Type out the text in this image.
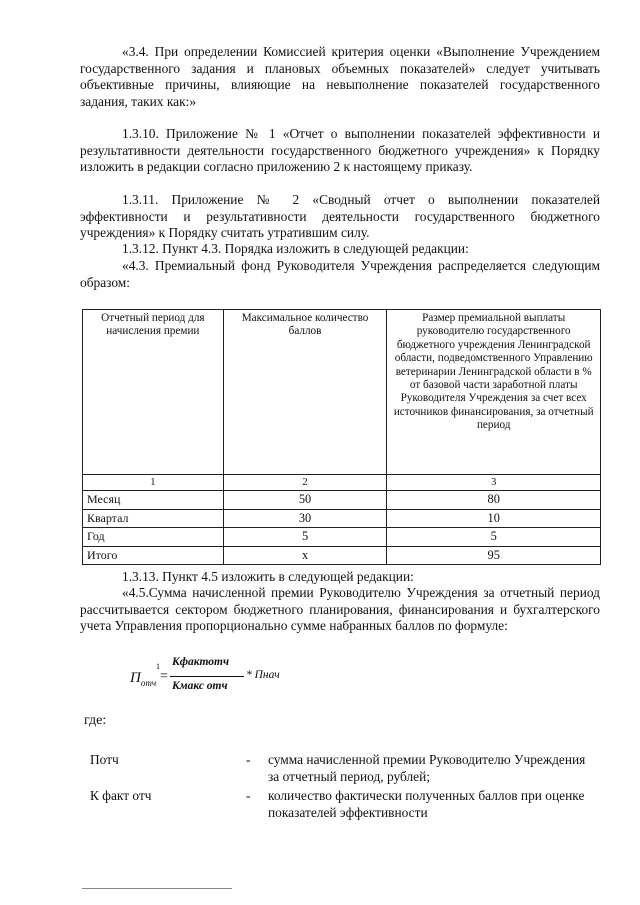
«3.4. При определении Комиссией критерия оценки «Выполнение Учреждением государственного задания и плановых объемных показателей» следует учитывать объективные причины, влияющие на невыполнение показателей государственного задания, таких как:»

1.3.10. Приложение № 1 «Отчет о выполнении показателей эффективности и результативности деятельности государственного бюджетного учреждения» к Порядку изложить в редакции согласно приложению 2 к настоящему приказу.

1.3.11. Приложение № 2 «Сводный отчет о выполнении показателей эффективности и результативности деятельности государственного бюджетного учреждения» к Порядку считать утратившим силу.

1.3.12. Пункт 4.3. Порядка изложить в следующей редакции:

«4.3. Премиальный фонд Руководителя Учреждения распределяется следующим образом:

Отчетный период для начисления премии	Максимальное количество баллов	Размер премиальной выплаты руководителю государственного бюджетного учреждения Ленинградской области, подведомственного Управлению ветеринарии Ленинградской области в % от базовой части заработной платы Руководителя Учреждения за счет всех источников финансирования, за отчетный период
1	2	3
Месяц	50	80
Квартал	30	10
Год	5	5
Итого	x	95

1.3.13. Пункт 4.5 изложить в следующей редакции:

«4.5.Сумма начисленной премии Руководителю Учреждения за отчетный период рассчитывается сектором бюджетного планирования, финансирования и бухгалтерского учета Управления пропорционально сумме набранных баллов по формуле:

$П_{отч}$
1
=
Кфактотч
Кмакс отч
* Пнач
где:
Потч	- сумма начисленной премии Руководителю Учреждения за отчетный период, рублей;
К факт отч	- количество фактически полученных баллов при оценке показателей эффективности
